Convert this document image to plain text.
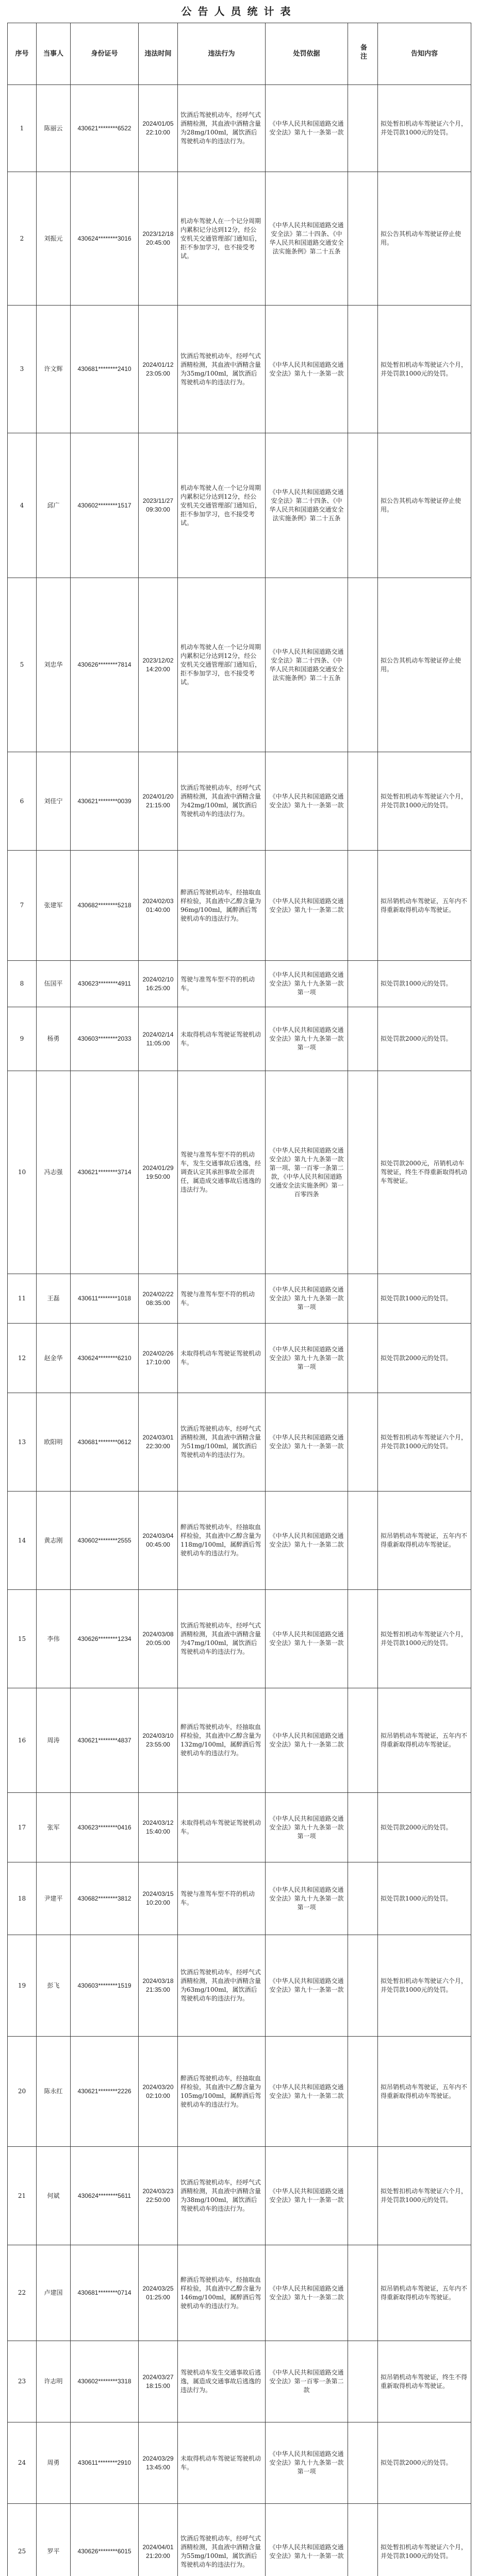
公告人员统计表
序号	当事人	身份证号	违法时间	违法行为	处罚依据	备注	告知内容
1	陈丽云	430621********6522	2024/01/05 22:10:00	饮酒后驾驶机动车，经呼气式酒精检测，其血液中酒精含量为28mg/100ml，属饮酒后驾驶机动车的违法行为。	《中华人民共和国道路交通安全法》第九十一条第一款		拟处暂扣机动车驾驶证六个月，并处罚款1000元的处罚。
2	刘振元	430624********3016	2023/12/18 20:45:00	机动车驾驶人在一个记分周期内累积记分达到12分，经公安机关交通管理部门通知后，拒不参加学习，也不接受考试。	《中华人民共和国道路交通安全法》第二十四条、《中华人民共和国道路交通安全法实施条例》第二十五条		拟公告其机动车驾驶证停止使用。
3	许文辉	430681********2410	2024/01/12 23:05:00	饮酒后驾驶机动车，经呼气式酒精检测，其血液中酒精含量为35mg/100ml，属饮酒后驾驶机动车的违法行为。	《中华人民共和国道路交通安全法》第九十一条第一款		拟处暂扣机动车驾驶证六个月，并处罚款1000元的处罚。
4	邱广	430602********1517	2023/11/27 09:30:00	机动车驾驶人在一个记分周期内累积记分达到12分，经公安机关交通管理部门通知后，拒不参加学习，也不接受考试。	《中华人民共和国道路交通安全法》第二十四条、《中华人民共和国道路交通安全法实施条例》第二十五条		拟公告其机动车驾驶证停止使用。
5	刘忠华	430626********7814	2023/12/02 14:20:00	机动车驾驶人在一个记分周期内累积记分达到12分，经公安机关交通管理部门通知后，拒不参加学习，也不接受考试。	《中华人民共和国道路交通安全法》第二十四条、《中华人民共和国道路交通安全法实施条例》第二十五条		拟公告其机动车驾驶证停止使用。
6	刘佳宁	430621********0039	2024/01/20 21:15:00	饮酒后驾驶机动车，经呼气式酒精检测，其血液中酒精含量为42mg/100ml，属饮酒后驾驶机动车的违法行为。	《中华人民共和国道路交通安全法》第九十一条第一款		拟处暂扣机动车驾驶证六个月，并处罚款1000元的处罚。
7	张建军	430682********5218	2024/02/03 01:40:00	醉酒后驾驶机动车，经抽取血样检验，其血液中乙醇含量为96mg/100ml，属醉酒后驾驶机动车的违法行为。	《中华人民共和国道路交通安全法》第九十一条第二款		拟吊销机动车驾驶证，五年内不得重新取得机动车驾驶证。
8	伍国平	430623********4911	2024/02/10 16:25:00	驾驶与准驾车型不符的机动车。	《中华人民共和国道路交通安全法》第九十九条第一款第一项		拟处罚款1000元的处罚。
9	杨勇	430603********2033	2024/02/14 11:05:00	未取得机动车驾驶证驾驶机动车。	《中华人民共和国道路交通安全法》第九十九条第一款第一项		拟处罚款2000元的处罚。
10	冯志强	430621********3714	2024/01/29 19:50:00	驾驶与准驾车型不符的机动车，发生交通事故后逃逸，经调查认定其承担事故全部责任，属造成交通事故后逃逸的违法行为。	《中华人民共和国道路交通安全法》第九十九条第一款第一项、第一百零一条第二款，《中华人民共和国道路交通安全法实施条例》第一百零四条		拟处罚款2000元，吊销机动车驾驶证，终生不得重新取得机动车驾驶证。
11	王磊	430611********1018	2024/02/22 08:35:00	驾驶与准驾车型不符的机动车。	《中华人民共和国道路交通安全法》第九十九条第一款第一项		拟处罚款1000元的处罚。
12	赵金华	430624********6210	2024/02/26 17:10:00	未取得机动车驾驶证驾驶机动车。	《中华人民共和国道路交通安全法》第九十九条第一款第一项		拟处罚款2000元的处罚。
13	欧阳明	430681********0612	2024/03/01 22:30:00	饮酒后驾驶机动车，经呼气式酒精检测，其血液中酒精含量为51mg/100ml，属饮酒后驾驶机动车的违法行为。	《中华人民共和国道路交通安全法》第九十一条第一款		拟处暂扣机动车驾驶证六个月，并处罚款1000元的处罚。
14	黄志刚	430602********2555	2024/03/04 00:45:00	醉酒后驾驶机动车，经抽取血样检验，其血液中乙醇含量为118mg/100ml，属醉酒后驾驶机动车的违法行为。	《中华人民共和国道路交通安全法》第九十一条第二款		拟吊销机动车驾驶证，五年内不得重新取得机动车驾驶证。
15	李伟	430626********1234	2024/03/08 20:05:00	饮酒后驾驶机动车，经呼气式酒精检测，其血液中酒精含量为47mg/100ml，属饮酒后驾驶机动车的违法行为。	《中华人民共和国道路交通安全法》第九十一条第一款		拟处暂扣机动车驾驶证六个月，并处罚款1000元的处罚。
16	周涛	430621********4837	2024/03/10 23:55:00	醉酒后驾驶机动车，经抽取血样检验，其血液中乙醇含量为132mg/100ml，属醉酒后驾驶机动车的违法行为。	《中华人民共和国道路交通安全法》第九十一条第二款		拟吊销机动车驾驶证，五年内不得重新取得机动车驾驶证。
17	张军	430623********0416	2024/03/12 15:40:00	未取得机动车驾驶证驾驶机动车。	《中华人民共和国道路交通安全法》第九十九条第一款第一项		拟处罚款2000元的处罚。
18	尹建平	430682********3812	2024/03/15 10:20:00	驾驶与准驾车型不符的机动车。	《中华人民共和国道路交通安全法》第九十九条第一款第一项		拟处罚款1000元的处罚。
19	彭飞	430603********1519	2024/03/18 21:35:00	饮酒后驾驶机动车，经呼气式酒精检测，其血液中酒精含量为63mg/100ml，属饮酒后驾驶机动车的违法行为。	《中华人民共和国道路交通安全法》第九十一条第一款		拟处暂扣机动车驾驶证六个月，并处罚款1000元的处罚。
20	陈永红	430621********2226	2024/03/20 02:10:00	醉酒后驾驶机动车，经抽取血样检验，其血液中乙醇含量为105mg/100ml，属醉酒后驾驶机动车的违法行为。	《中华人民共和国道路交通安全法》第九十一条第二款		拟吊销机动车驾驶证，五年内不得重新取得机动车驾驶证。
21	何斌	430624********5611	2024/03/23 22:50:00	饮酒后驾驶机动车，经呼气式酒精检测，其血液中酒精含量为38mg/100ml，属饮酒后驾驶机动车的违法行为。	《中华人民共和国道路交通安全法》第九十一条第一款		拟处暂扣机动车驾驶证六个月，并处罚款1000元的处罚。
22	卢建国	430681********0714	2024/03/25 01:25:00	醉酒后驾驶机动车，经抽取血样检验，其血液中乙醇含量为146mg/100ml，属醉酒后驾驶机动车的违法行为。	《中华人民共和国道路交通安全法》第九十一条第二款		拟吊销机动车驾驶证，五年内不得重新取得机动车驾驶证。
23	许志明	430602********3318	2024/03/27 18:15:00	驾驶机动车发生交通事故后逃逸，属造成交通事故后逃逸的违法行为。	《中华人民共和国道路交通安全法》第一百零一条第二款		拟吊销机动车驾驶证，终生不得重新取得机动车驾驶证。
24	周勇	430611********2910	2024/03/29 13:45:00	未取得机动车驾驶证驾驶机动车。	《中华人民共和国道路交通安全法》第九十九条第一款第一项		拟处罚款2000元的处罚。
25	罗平	430626********6015	2024/04/01 21:20:00	饮酒后驾驶机动车，经呼气式酒精检测，其血液中酒精含量为55mg/100ml，属饮酒后驾驶机动车的违法行为。	《中华人民共和国道路交通安全法》第九十一条第一款		拟处暂扣机动车驾驶证六个月，并处罚款1000元的处罚。
